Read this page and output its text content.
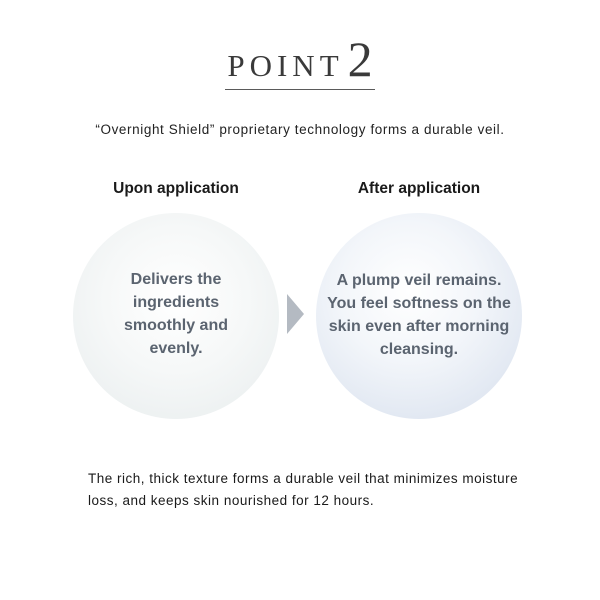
POINT2
“Overnight Shield” proprietary technology forms a durable veil.
Upon application	After application
Delivers the ingredients smoothly and evenly.
A plump veil remains. You feel softness on the skin even after morning cleansing.
The rich, thick texture forms a durable veil that minimizes moisture loss, and keeps skin nourished for 12 hours.
